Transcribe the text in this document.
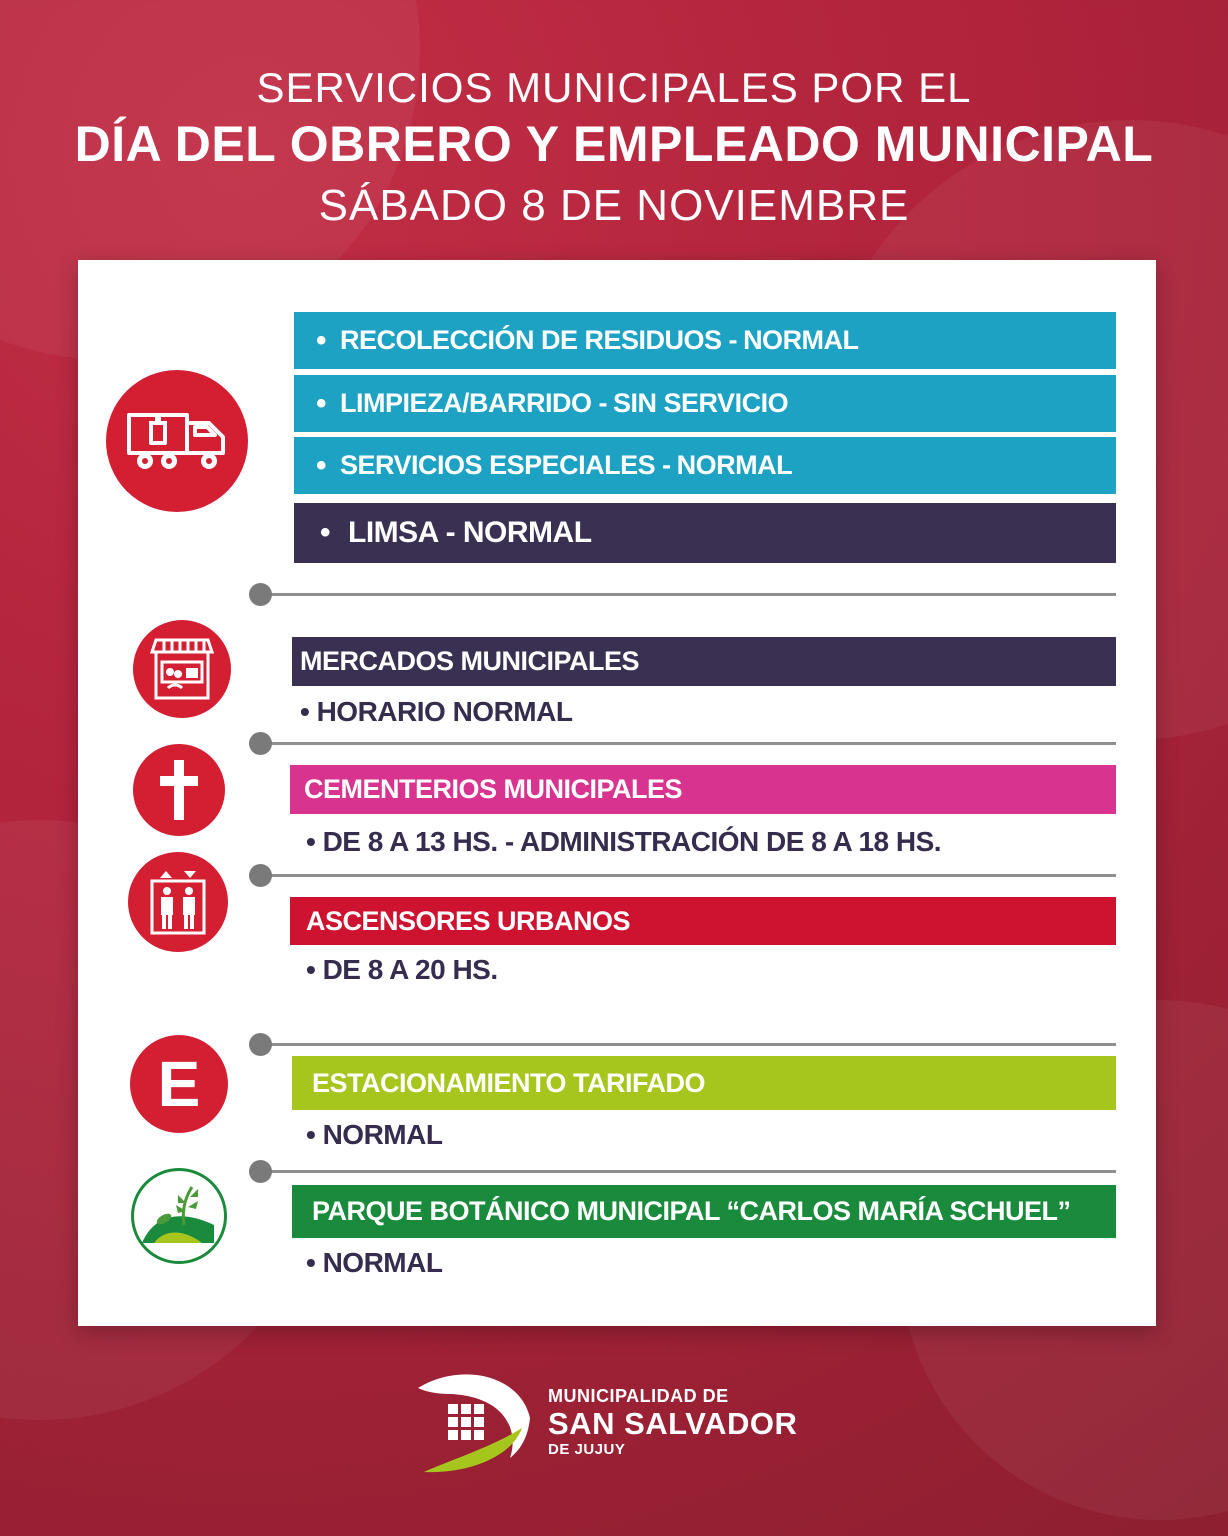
SERVICIOS MUNICIPALES POR EL
DÍA DEL OBRERO Y EMPLEADO MUNICIPAL
SÁBADO 8 DE NOVIEMBRE
• RECOLECCIÓN DE RESIDUOS - NORMAL
• LIMPIEZA/BARRIDO - SIN SERVICIO
• SERVICIOS ESPECIALES - NORMAL
• LIMSA - NORMAL
MERCADOS MUNICIPALES
• HORARIO NORMAL
CEMENTERIOS MUNICIPALES
• DE 8 A 13 HS. - ADMINISTRACIÓN DE 8 A 18 HS.
ASCENSORES URBANOS
• DE 8 A 20 HS.
E	ESTACIONAMIENTO TARIFADO
• NORMAL
PARQUE BOTÁNICO MUNICIPAL “CARLOS MARÍA SCHUEL”
• NORMAL
MUNICIPALIDAD DE
SAN SALVADOR
DE JUJUY
